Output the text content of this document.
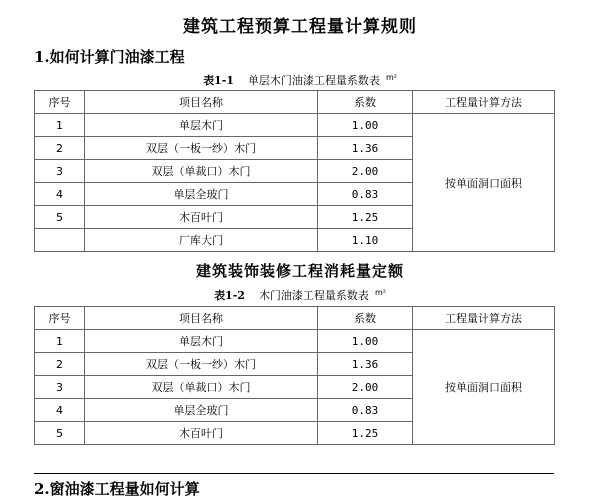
建筑工程预算工程量计算规则
1.如何计算门油漆工程
表1-1 单层木门油漆工程量系数表 $^{m^2}$
序号	项目名称	系数	工程量计算方法
1	单层木门	1.00	按单面洞口面积
2	双层（一板一纱）木门	1.36	
3	双层（单裁口）木门	2.00	
4	单层全玻门	0.83	
5	木百叶门	1.25	
	厂库大门	1.10	
建筑装饰装修工程消耗量定额
表1-2 木门油漆工程量系数表 $^{m^2}$
序号	项目名称	系数	工程量计算方法
1	单层木门	1.00	按单面洞口面积
2	双层（一板一纱）木门	1.36	
3	双层（单裁口）木门	2.00	
4	单层全玻门	0.83	
5	木百叶门	1.25	
2.窗油漆工程量如何计算
